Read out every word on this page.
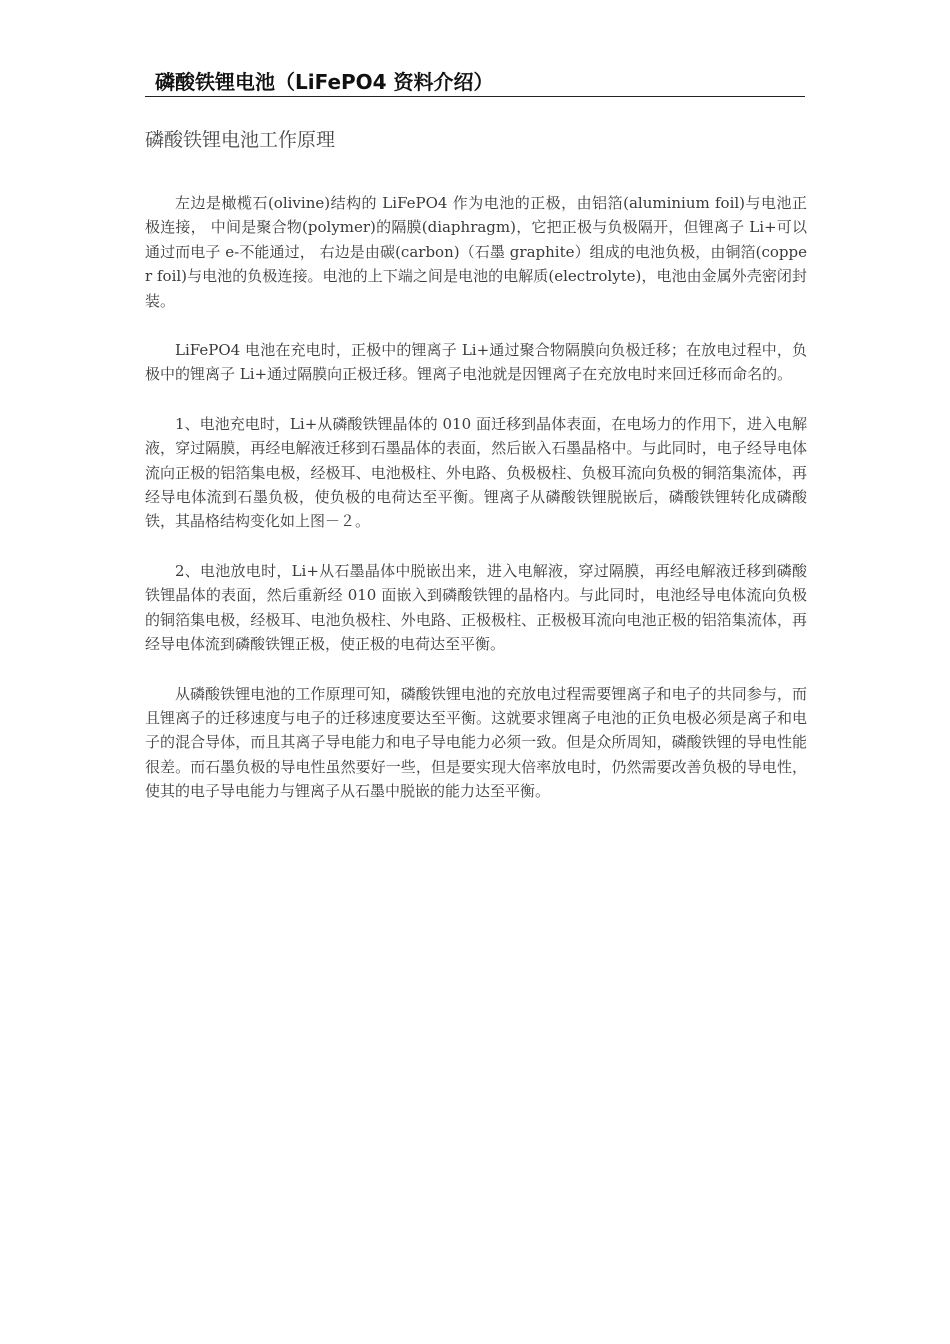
磷酸铁锂电池（LiFePO4 资料介绍）
磷酸铁锂电池工作原理

左边是橄榄石(olivine)结构的 LiFePO4 作为电池的正极，由铝箔(aluminium foil)与电池正极连接， 中间是聚合物(polymer)的隔膜(diaphragm)，它把正极与负极隔开，但锂离子 Li+可以通过而电子 e-不能通过， 右边是由碳(carbon)（石墨 graphite）组成的电池负极，由铜箔(copper foil)与电池的负极连接。电池的上下端之间是电池的电解质(electrolyte)，电池由金属外壳密闭封装。

LiFePO4 电池在充电时，正极中的锂离子 Li+通过聚合物隔膜向负极迁移；在放电过程中，负极中的锂离子 Li+通过隔膜向正极迁移。锂离子电池就是因锂离子在充放电时来回迁移而命名的。

1、电池充电时，Li+从磷酸铁锂晶体的 010 面迁移到晶体表面，在电场力的作用下，进入电解液，穿过隔膜，再经电解液迁移到石墨晶体的表面，然后嵌入石墨晶格中。与此同时，电子经导电体流向正极的铝箔集电极，经极耳、电池极柱、外电路、负极极柱、负极耳流向负极的铜箔集流体，再经导电体流到石墨负极，使负极的电荷达至平衡。锂离子从磷酸铁锂脱嵌后，磷酸铁锂转化成磷酸铁，其晶格结构变化如上图－２。

2、电池放电时，Li+从石墨晶体中脱嵌出来，进入电解液，穿过隔膜，再经电解液迁移到磷酸铁锂晶体的表面，然后重新经 010 面嵌入到磷酸铁锂的晶格内。与此同时，电池经导电体流向负极的铜箔集电极，经极耳、电池负极柱、外电路、正极极柱、正极极耳流向电池正极的铝箔集流体，再经导电体流到磷酸铁锂正极，使正极的电荷达至平衡。

从磷酸铁锂电池的工作原理可知，磷酸铁锂电池的充放电过程需要锂离子和电子的共同参与，而且锂离子的迁移速度与电子的迁移速度要达至平衡。这就要求锂离子电池的正负电极必须是离子和电子的混合导体，而且其离子导电能力和电子导电能力必须一致。但是众所周知，磷酸铁锂的导电性能很差。而石墨负极的导电性虽然要好一些，但是要实现大倍率放电时，仍然需要改善负极的导电性，使其的电子导电能力与锂离子从石墨中脱嵌的能力达至平衡。
